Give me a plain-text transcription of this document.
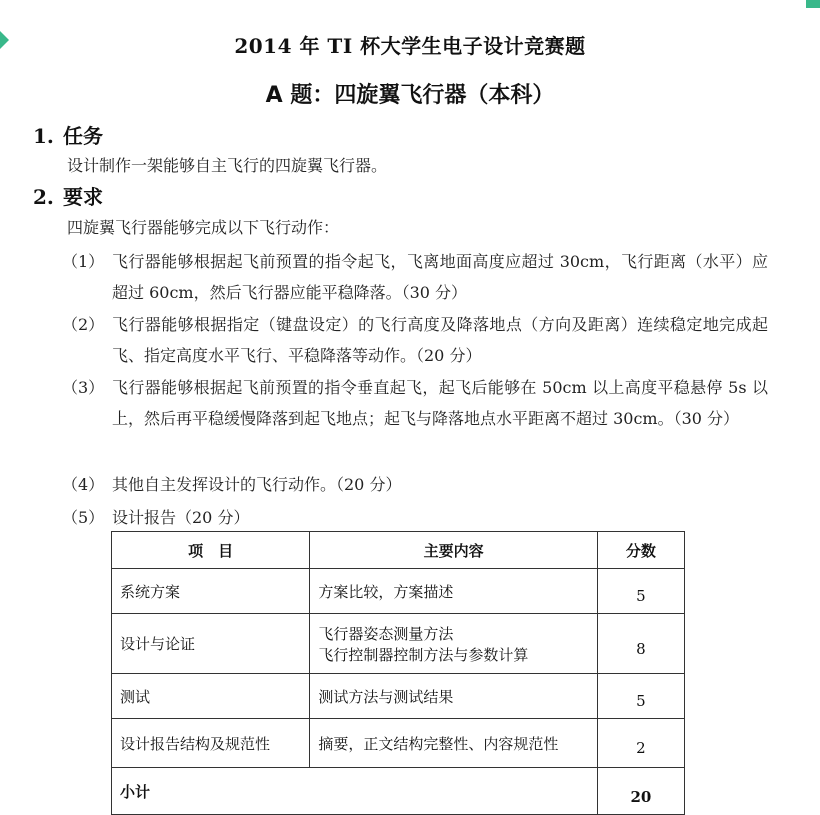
2014 年 TI 杯大学生电子设计竞赛题
A 题：四旋翼飞行器（本科）
1. 任务
设计制作一架能够自主飞行的四旋翼飞行器。
2. 要求
四旋翼飞行器能够完成以下飞行动作：
（1） 飞行器能够根据起飞前预置的指令起飞，飞离地面高度应超过 30cm，飞行距离（水平）应超过 60cm，然后飞行器应能平稳降落。（30 分）
（2） 飞行器能够根据指定（键盘设定）的飞行高度及降落地点（方向及距离）连续稳定地完成起飞、指定高度水平飞行、平稳降落等动作。（20 分）
（3） 飞行器能够根据起飞前预置的指令垂直起飞，起飞后能够在 50cm 以上高度平稳悬停 5s 以上，然后再平稳缓慢降落到起飞地点；起飞与降落地点水平距离不超过 30cm。（30 分）
（4） 其他自主发挥设计的飞行动作。（20 分）
（5） 设计报告（20 分）
项　目	主要内容	分数
系统方案	方案比较，方案描述	5
设计与论证	飞行器姿态测量方法
飞行控制器控制方法与参数计算	8
测试	测试方法与测试结果	5
设计报告结构及规范性	摘要，正文结构完整性、内容规范性	2
小计		20
